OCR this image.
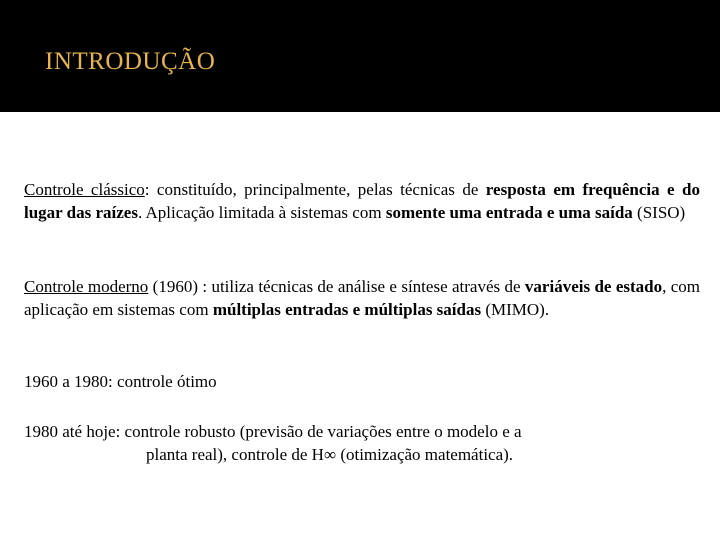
INTRODUÇÃO

Controle clássico: constituído, principalmente, pelas técnicas de resposta em frequência e do lugar das raízes. Aplicação limitada à sistemas com somente uma entrada e uma saída (SISO)

Controle moderno (1960) : utiliza técnicas de análise e síntese através de variáveis de estado, com aplicação em sistemas com múltiplas entradas e múltiplas saídas (MIMO).

1960 a 1980: controle ótimo

1980 até hoje: controle robusto (previsão de variações entre o modelo e a
planta real), controle de H∞ (otimização matemática).
